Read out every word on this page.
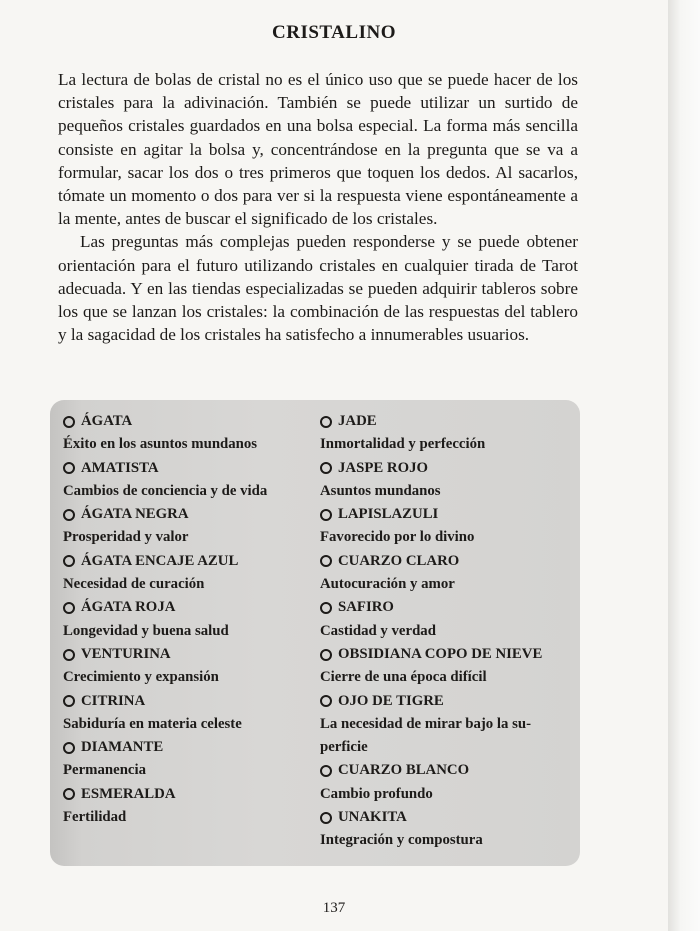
CRISTALINO

La lectura de bolas de cristal no es el único uso que se puede hacer de los cristales para la adivinación. También se puede utilizar un surtido de pequeños cristales guardados en una bolsa especial. La forma más sencilla consiste en agitar la bolsa y, concentrándose en la pregunta que se va a formular, sacar los dos o tres primeros que toquen los dedos. Al sacarlos, tómate un momento o dos para ver si la respuesta viene espontáneamente a la mente, antes de buscar el significado de los cristales.

Las preguntas más complejas pueden responderse y se puede obtener orientación para el futuro utilizando cristales en cualquier tirada de Tarot adecuada. Y en las tiendas especializadas se pueden adquirir tableros sobre los que se lanzan los cristales: la combinación de las respuestas del tablero y la sagacidad de los cristales ha satisfecho a innumerables usuarios.

ÁGATA
Éxito en los asuntos mundanos
AMATISTA
Cambios de conciencia y de vida
ÁGATA NEGRA
Prosperidad y valor
ÁGATA ENCAJE AZUL
Necesidad de curación
ÁGATA ROJA
Longevidad y buena salud
VENTURINA
Crecimiento y expansión
CITRINA
Sabiduría en materia celeste
DIAMANTE
Permanencia
ESMERALDA
Fertilidad
JADE
Inmortalidad y perfección
JASPE ROJO
Asuntos mundanos
LAPISLAZULI
Favorecido por lo divino
CUARZO CLARO
Autocuración y amor
SAFIRO
Castidad y verdad
OBSIDIANA COPO DE NIEVE
Cierre de una época difícil
OJO DE TIGRE
La necesidad de mirar bajo la su-perficie
CUARZO BLANCO
Cambio profundo
UNAKITA
Integración y compostura
137
